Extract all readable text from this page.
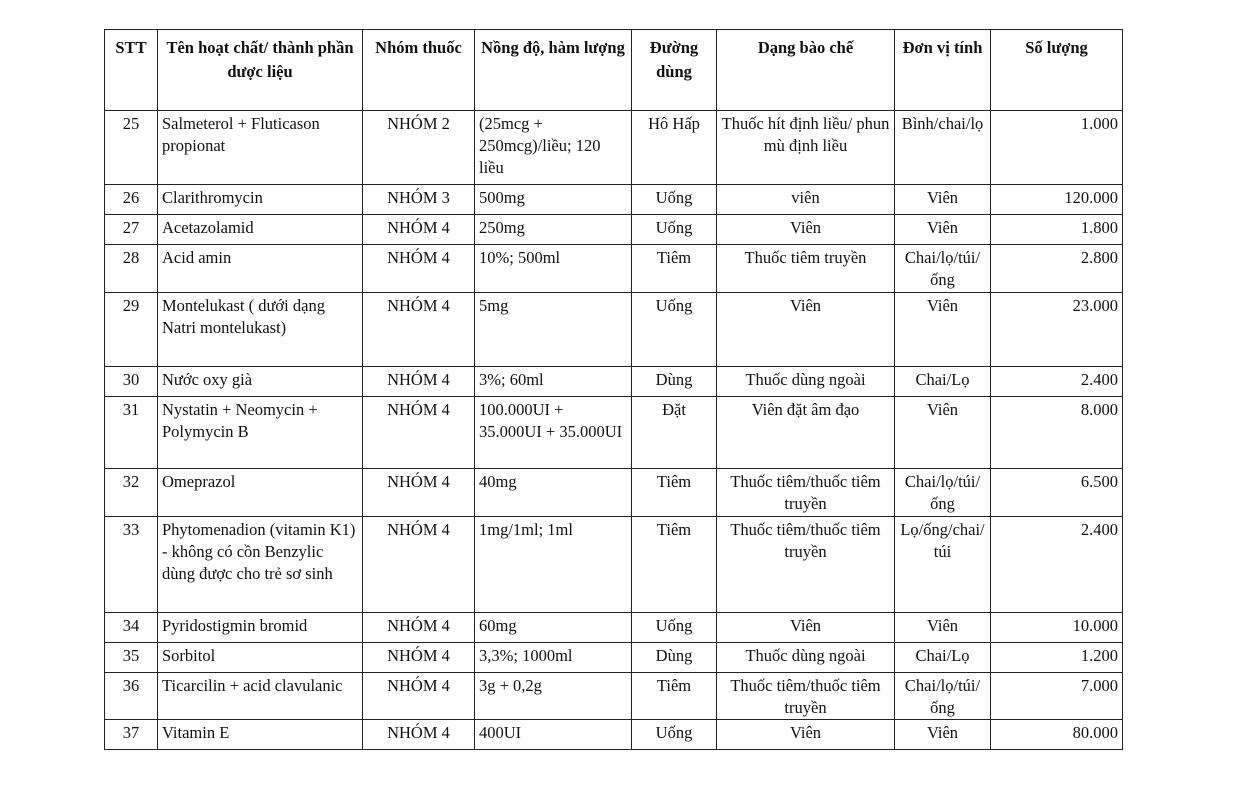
STT	Tên hoạt chất/ thành phần dược liệu	Nhóm thuốc	Nồng độ, hàm lượng	Đường dùng	Dạng bào chế	Đơn vị tính	Số lượng
25	Salmeterol + Fluticason propionat	NHÓM 2	(25mcg + 250mcg)/liều; 120 liều	Hô Hấp	Thuốc hít định liều/ phun mù định liều	Bình/chai/lọ	1.000
26	Clarithromycin	NHÓM 3	500mg	Uống	viên	Viên	120.000
27	Acetazolamid	NHÓM 4	250mg	Uống	Viên	Viên	1.800
28	Acid amin	NHÓM 4	10%; 500ml	Tiêm	Thuốc tiêm truyền	Chai/lọ/túi/ống	2.800
29	Montelukast ( dưới dạng Natri montelukast)	NHÓM 4	5mg	Uống	Viên	Viên	23.000
30	Nước oxy già	NHÓM 4	3%; 60ml	Dùng	Thuốc dùng ngoài	Chai/Lọ	2.400
31	Nystatin + Neomycin + Polymycin B	NHÓM 4	100.000UI + 35.000UI + 35.000UI	Đặt	Viên đặt âm đạo	Viên	8.000
32	Omeprazol	NHÓM 4	40mg	Tiêm	Thuốc tiêm/thuốc tiêm truyền	Chai/lọ/túi/ống	6.500
33	Phytomenadion (vitamin K1) - không có cồn Benzylic dùng được cho trẻ sơ sinh	NHÓM 4	1mg/1ml; 1ml	Tiêm	Thuốc tiêm/thuốc tiêm truyền	Lọ/ống/chai/ túi	2.400
34	Pyridostigmin bromid	NHÓM 4	60mg	Uống	Viên	Viên	10.000
35	Sorbitol	NHÓM 4	3,3%; 1000ml	Dùng	Thuốc dùng ngoài	Chai/Lọ	1.200
36	Ticarcilin + acid clavulanic	NHÓM 4	3g + 0,2g	Tiêm	Thuốc tiêm/thuốc tiêm truyền	Chai/lọ/túi/ống	7.000
37	Vitamin E	NHÓM 4	400UI	Uống	Viên	Viên	80.000
